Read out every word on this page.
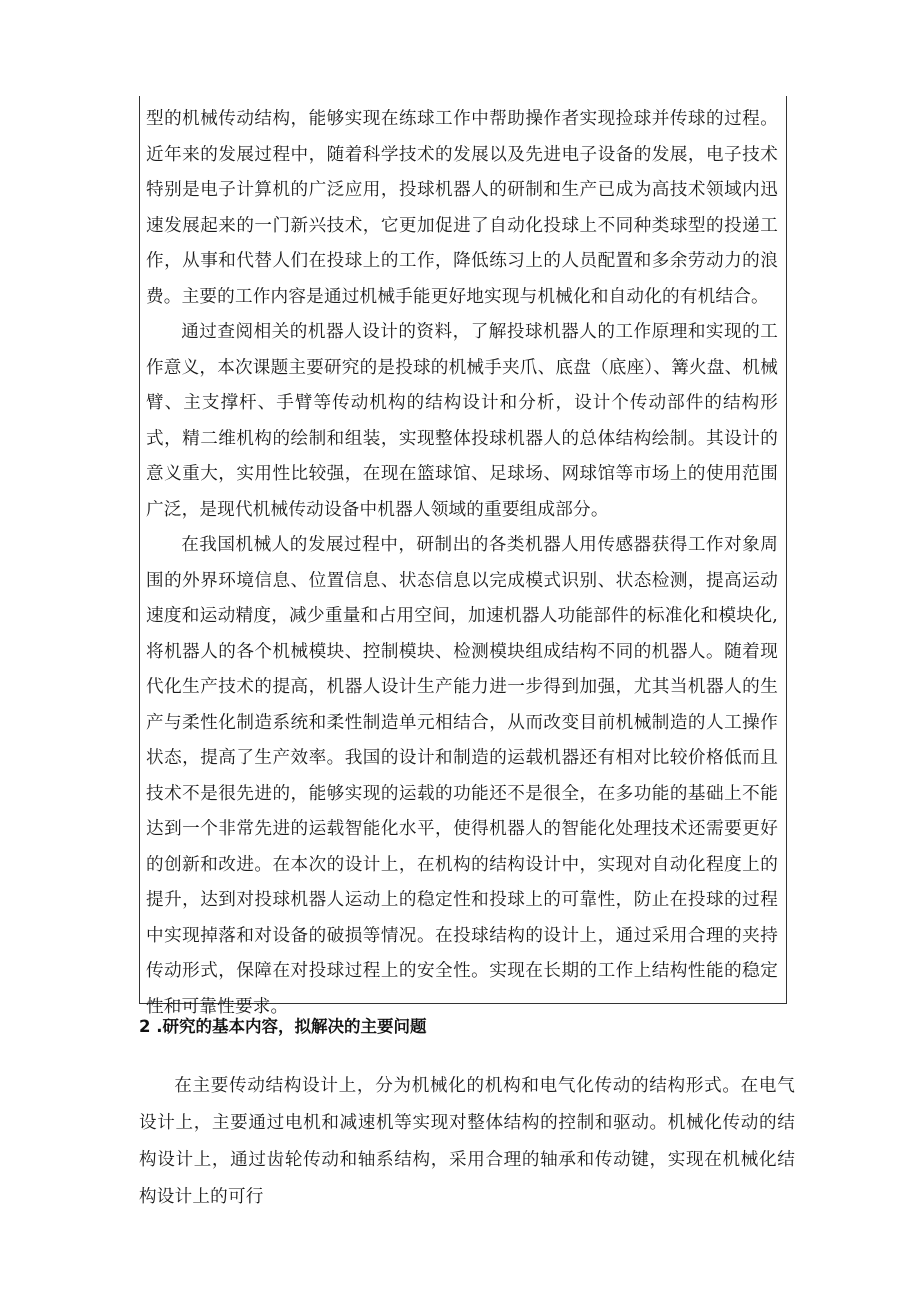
型的机械传动结构，能够实现在练球工作中帮助操作者实现捡球并传球的过程。近年来的发展过程中，随着科学技术的发展以及先进电子设备的发展，电子技术特别是电子计算机的广泛应用，投球机器人的研制和生产已成为高技术领域内迅速发展起来的一门新兴技术，它更加促进了自动化投球上不同种类球型的投递工作，从事和代替人们在投球上的工作，降低练习上的人员配置和多余劳动力的浪费。主要的工作内容是通过机械手能更好地实现与机械化和自动化的有机结合。

通过查阅相关的机器人设计的资料，了解投球机器人的工作原理和实现的工作意义，本次课题主要研究的是投球的机械手夹爪、底盘（底座）、篝火盘、机械臂、主支撑杆、手臂等传动机构的结构设计和分析，设计个传动部件的结构形式，精二维机构的绘制和组装，实现整体投球机器人的总体结构绘制。其设计的意义重大，实用性比较强，在现在篮球馆、足球场、网球馆等市场上的使用范围广泛，是现代机械传动设备中机器人领域的重要组成部分。

在我国机械人的发展过程中，研制出的各类机器人用传感器获得工作对象周围的外界环境信息、位置信息、状态信息以完成模式识别、状态检测，提高运动速度和运动精度，减少重量和占用空间，加速机器人功能部件的标准化和模块化,将机器人的各个机械模块、控制模块、检测模块组成结构不同的机器人。随着现代化生产技术的提高，机器人设计生产能力进一步得到加强，尤其当机器人的生产与柔性化制造系统和柔性制造单元相结合，从而改变目前机械制造的人工操作状态，提高了生产效率。我国的设计和制造的运载机器还有相对比较价格低而且技术不是很先进的，能够实现的运载的功能还不是很全，在多功能的基础上不能达到一个非常先进的运载智能化水平，使得机器人的智能化处理技术还需要更好的创新和改进。在本次的设计上，在机构的结构设计中，实现对自动化程度上的提升，达到对投球机器人运动上的稳定性和投球上的可靠性，防止在投球的过程中实现掉落和对设备的破损等情况。在投球结构的设计上，通过采用合理的夹持传动形式，保障在对投球过程上的安全性。实现在长期的工作上结构性能的稳定性和可靠性要求。

2 .研究的基本内容，拟解决的主要问题

在主要传动结构设计上，分为机械化的机构和电气化传动的结构形式。在电气设计上，主要通过电机和减速机等实现对整体结构的控制和驱动。机械化传动的结构设计上，通过齿轮传动和轴系结构，采用合理的轴承和传动键，实现在机械化结构设计上的可行
